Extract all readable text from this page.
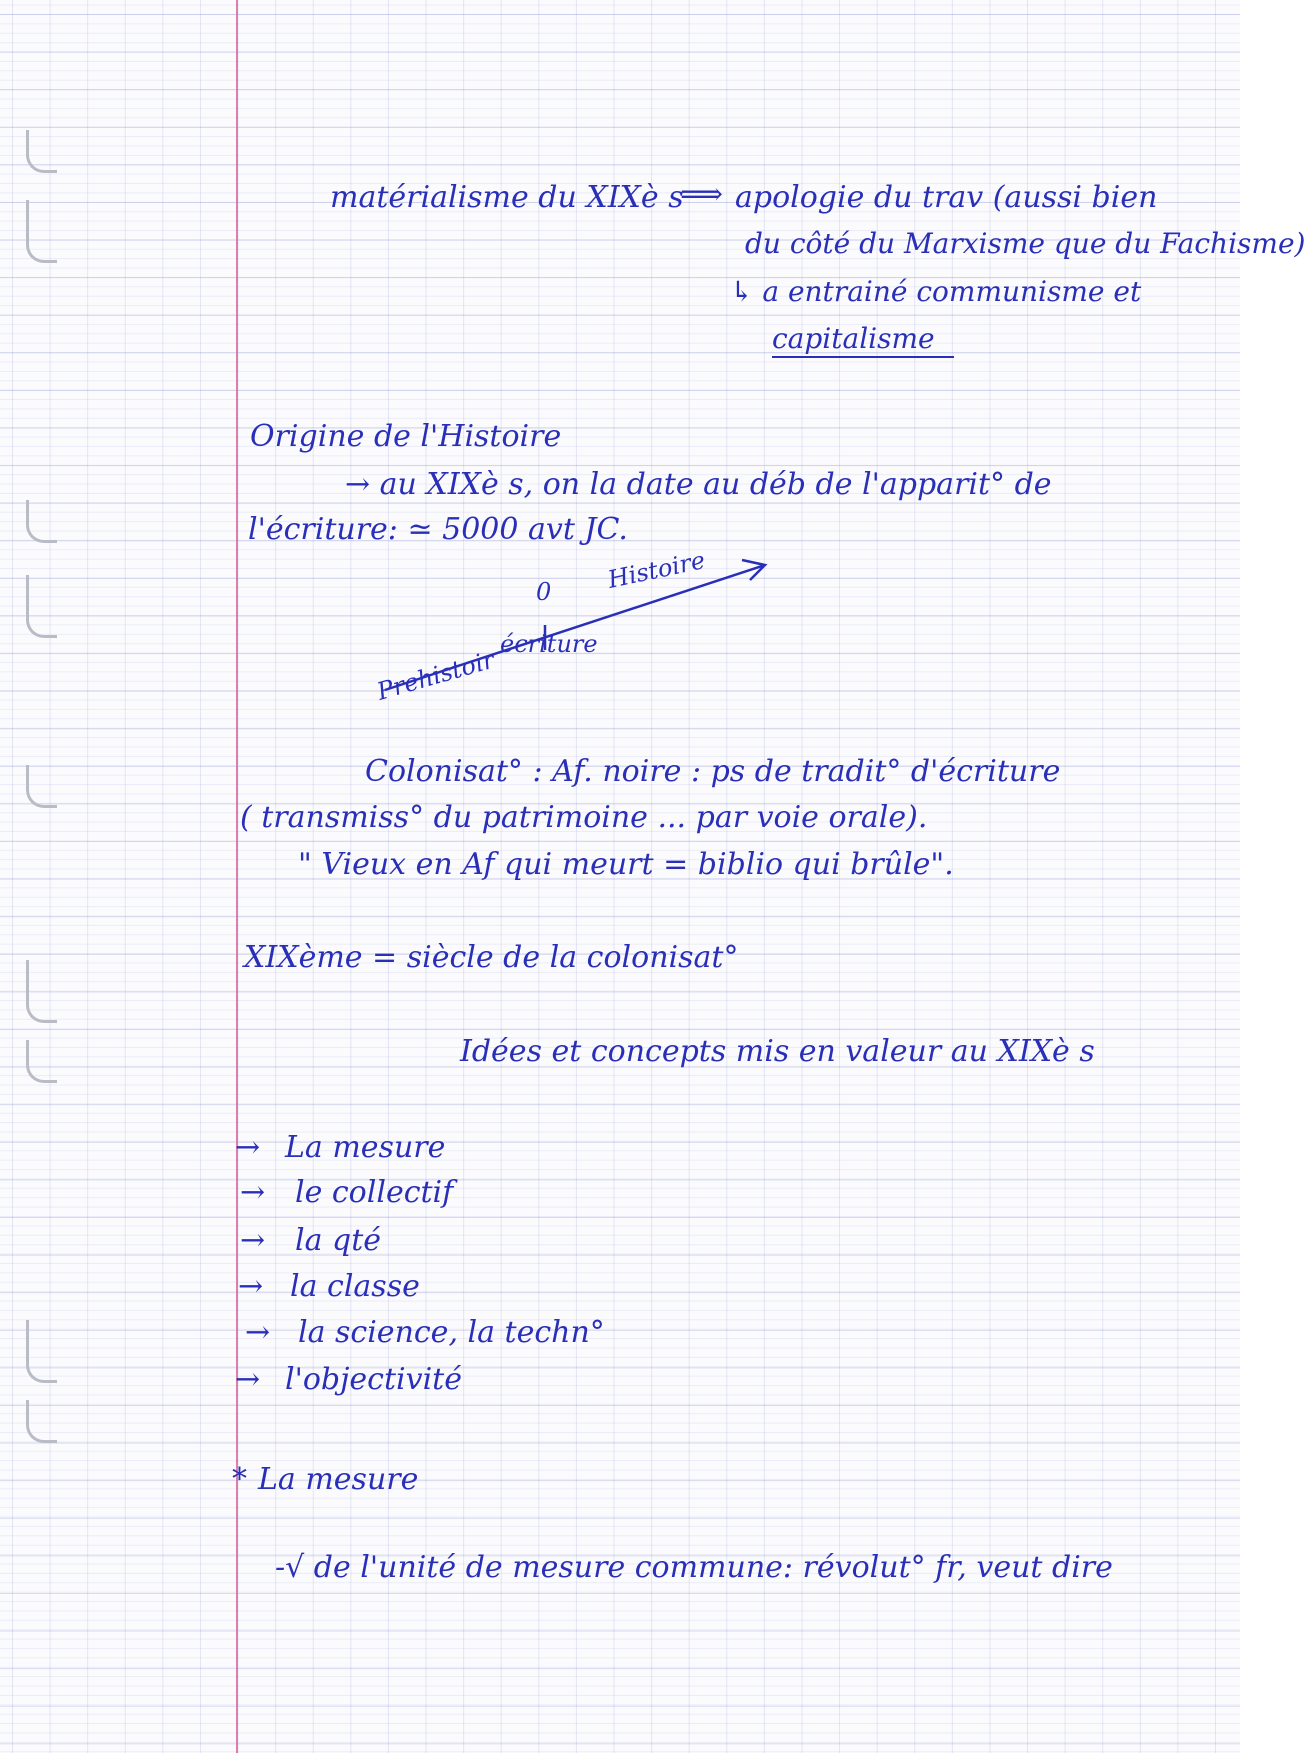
matérialisme du XIXè s
⟹ apologie du trav (aussi bien
du côté du Marxisme que du Fachisme)
↳ a entrainé communisme et
capitalisme
Origine de l'Histoire
→ au XIXè s, on la date au déb de l'apparit° de
l'écriture: ≃ 5000 avt JC.
0 Histoire
Prehistoir
écriture
Colonisat° : Af. noire : ps de tradit° d'écriture
( transmiss° du patrimoine ... par voie orale).
" Vieux en Af qui meurt = biblio qui brûle".
XIXème = siècle de la colonisat°
Idées et concepts mis en valeur au XIXè s
→ La mesure
→ le collectif
→ la qté
→ la classe
→ la science, la techn°
→ l'objectivité
* La mesure
-√ de l'unité de mesure commune: révolut° fr, veut dire
